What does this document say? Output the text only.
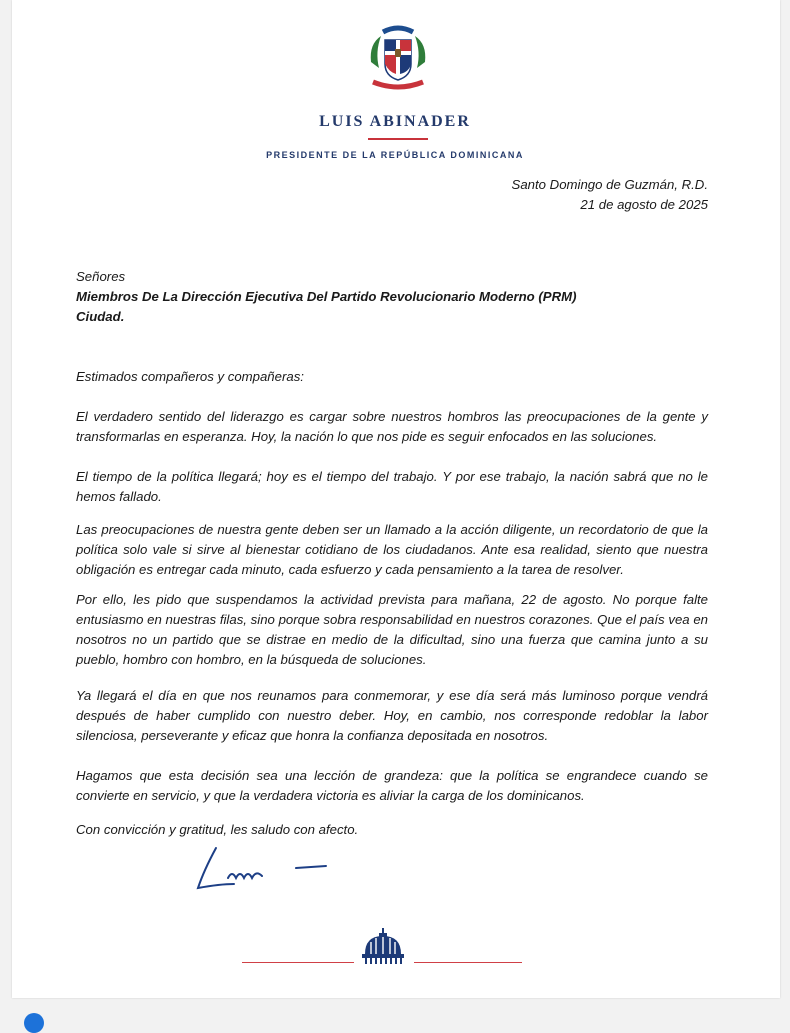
LUIS ABINADER
PRESIDENTE DE LA REPÚBLICA DOMINICANA
Santo Domingo de Guzmán, R.D.
21 de agosto de 2025
Señores
Miembros De La Dirección Ejecutiva Del Partido Revolucionario Moderno (PRM)
Ciudad.
Estimados compañeros y compañeras:
El verdadero sentido del liderazgo es cargar sobre nuestros hombros las preocupaciones de la gente y transformarlas en esperanza. Hoy, la nación lo que nos pide es seguir enfocados en las soluciones.
El tiempo de la política llegará; hoy es el tiempo del trabajo. Y por ese trabajo, la nación sabrá que no le hemos fallado.
Las preocupaciones de nuestra gente deben ser un llamado a la acción diligente, un recordatorio de que la política solo vale si sirve al bienestar cotidiano de los ciudadanos. Ante esa realidad, siento que nuestra obligación es entregar cada minuto, cada esfuerzo y cada pensamiento a la tarea de resolver.
Por ello, les pido que suspendamos la actividad prevista para mañana, 22 de agosto. No porque falte entusiasmo en nuestras filas, sino porque sobra responsabilidad en nuestros corazones. Que el país vea en nosotros no un partido que se distrae en medio de la dificultad, sino una fuerza que camina junto a su pueblo, hombro con hombro, en la búsqueda de soluciones.
Ya llegará el día en que nos reunamos para conmemorar, y ese día será más luminoso porque vendrá después de haber cumplido con nuestro deber. Hoy, en cambio, nos corresponde redoblar la labor silenciosa, perseverante y eficaz que honra la confianza depositada en nosotros.
Hagamos que esta decisión sea una lección de grandeza: que la política se engrandece cuando se convierte en servicio, y que la verdadera victoria es aliviar la carga de los dominicanos.
Con convicción y gratitud, les saludo con afecto.
